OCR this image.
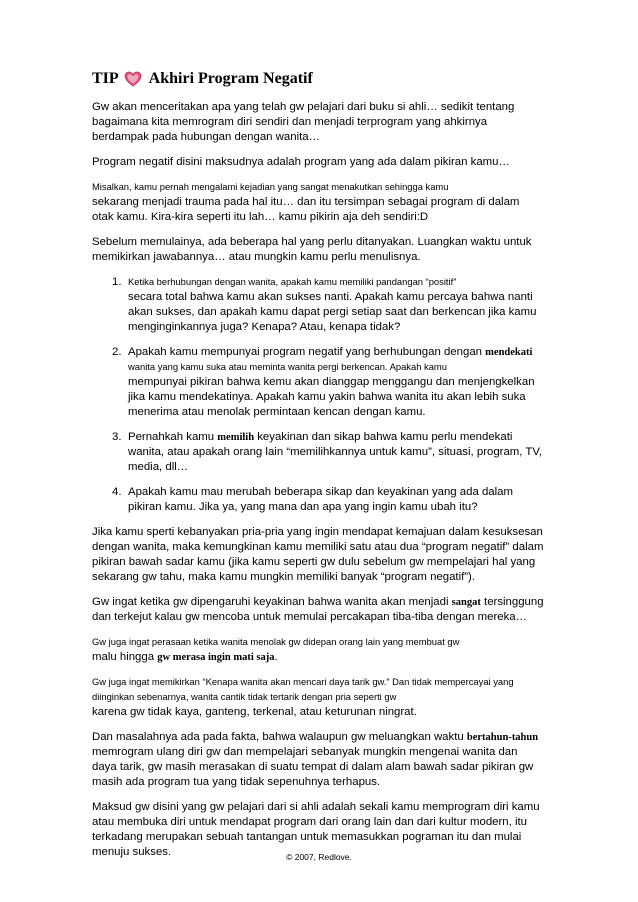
TIP Akhiri Program Negatif

Gw akan menceritakan apa yang telah gw pelajari dari buku si ahli… sedikit tentang bagaimana kita memrogram diri sendiri dan menjadi terprogram yang ahkirnya berdampak pada hubungan dengan wanita…

Program negatif disini maksudnya adalah program yang ada dalam pikiran kamu…

Misalkan, kamu pernah mengalami kejadian yang sangat menakutkan sehingga kamu
sekarang menjadi trauma pada hal itu… dan itu tersimpan sebagai program di dalam otak kamu. Kira-kira seperti itu lah… kamu pikirin aja deh sendiri:D

Sebelum memulainya, ada beberapa hal yang perlu ditanyakan. Luangkan waktu untuk memikirkan jawabannya… atau mungkin kamu perlu menulisnya.

1. Ketika berhubungan dengan wanita, apakah kamu memiliki pandangan “positif”
secara total bahwa kamu akan sukses nanti. Apakah kamu percaya bahwa nanti akan sukses, dan apakah kamu dapat pergi setiap saat dan berkencan jika kamu menginginkannya juga? Kenapa? Atau, kenapa tidak?
2. Apakah kamu mempunyai program negatif yang berhubungan dengan mendekati
wanita yang kamu suka atau meminta wanita pergi berkencan. Apakah kamu
mempunyai pikiran bahwa kemu akan dianggap menggangu dan menjengkelkan jika kamu mendekatinya. Apakah kamu yakin bahwa wanita itu akan lebih suka menerima atau menolak permintaan kencan dengan kamu.
3. Pernahkah kamu memilih keyakinan dan sikap bahwa kamu perlu mendekati wanita, atau apakah orang lain “memilihkannya untuk kamu”, situasi, program, TV, media, dll…
4. Apakah kamu mau merubah beberapa sikap dan keyakinan yang ada dalam pikiran kamu. Jika ya, yang mana dan apa yang ingin kamu ubah itu?

Jika kamu sperti kebanyakan pria-pria yang ingin mendapat kemajuan dalam kesuksesan dengan wanita, maka kemungkinan kamu memiliki satu atau dua “program negatif” dalam pikiran bawah sadar kamu (jika kamu seperti gw dulu sebelum gw mempelajari hal yang sekarang gw tahu, maka kamu mungkin memiliki banyak “program negatif”).

Gw ingat ketika gw dipengaruhi keyakinan bahwa wanita akan menjadi sangat tersinggung dan terkejut kalau gw mencoba untuk memulai percakapan tiba-tiba dengan mereka…

Gw juga ingat perasaan ketika wanita menolak gw didepan orang lain yang membuat gw
malu hingga gw merasa ingin mati saja.

Gw juga ingat memikirkan “Kenapa wanita akan mencari daya tarik gw.” Dan tidak mempercayai yang diinginkan sebenarnya, wanita cantik tidak tertarik dengan pria seperti gw
karena gw tidak kaya, ganteng, terkenal, atau keturunan ningrat.

Dan masalahnya ada pada fakta, bahwa walaupun gw meluangkan waktu bertahun-tahun memrogram ulang diri gw dan mempelajari sebanyak mungkin mengenai wanita dan daya tarik, gw masih merasakan di suatu tempat di dalam alam bawah sadar pikiran gw masih ada program tua yang tidak sepenuhnya terhapus.

Maksud gw disini yang gw pelajari dari si ahli adalah sekali kamu memprogram diri kamu atau membuka diri untuk mendapat program dari orang lain dan dari kultur modern, itu terkadang merupakan sebuah tantangan untuk memasukkan pograman itu dan mulai menuju sukses.	© 2007, Redlove.
